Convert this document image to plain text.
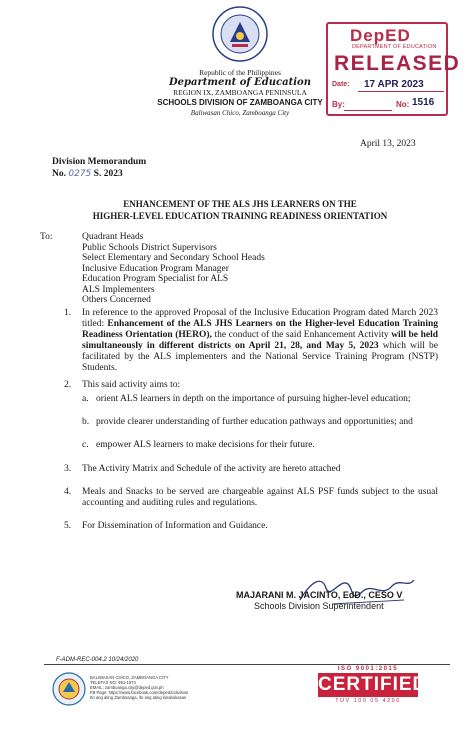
Republic of the Philippines
Department of Education
REGION IX, ZAMBOANGA PENINSULA
SCHOOLS DIVISION OF ZAMBOANGA CITY
Baliwasan Chico, Zamboanga City
DepED
DEPARTMENT OF EDUCATION
RELEASED
Date: 17 APR 2023
By:	No: 1516
April 13, 2023
Division Memorandum
No. 0275 S. 2023
ENHANCEMENT OF THE ALS JHS LEARNERS ON THE
HIGHER-LEVEL EDUCATION TRAINING READINESS ORIENTATION
To:	Quadrant Heads
Public Schools District Supervisors
Select Elementary and Secondary School Heads
Inclusive Education Program Manager
Education Program Specialist for ALS
ALS Implementers
Others Concerned
1.	In reference to the approved Proposal of the Inclusive Education Program dated March 2023 titled: Enhancement of the ALS JHS Learners on the Higher-level Education Training Readiness Orientation (HERO), the conduct of the said Enhancement Activity will be held simultaneously in different districts on April 21, 28, and May 5, 2023 which will be facilitated by the ALS implementers and the National Service Training Program (NSTP) Students.
2.	This said activity aims to:
a. orient ALS learners in depth on the importance of pursuing higher-level education;
b. provide clearer understanding of further education pathways and opportunities; and
c. empower ALS learners to make decisions for their future.
3. The Activity Matrix and Schedule of the activity are hereto attached
4. Meals and Snacks to be served are chargeable against ALS PSF funds subject to the usual accounting and auditing rules and regulations.
5. For Dissemination of Information and Guidance.
MAJARANI M. JACINTO, EdD., CESO V
Schools Division Superintendent
F-ADM-REC-004.2 10/24/2020
BALIWASAN CHICO, ZAMBOANGA CITY
TELEFAX NO: 991-1974
EMAIL: zamboanga.city@deped.gov.ph
FB Page: https://www.facebook.com/depedzcdivision
Ito ang ating Zamboanga, ito ang ating kinabukasan
ISO 9001:2015
CERTIFIED
TUV 100 05 4206
